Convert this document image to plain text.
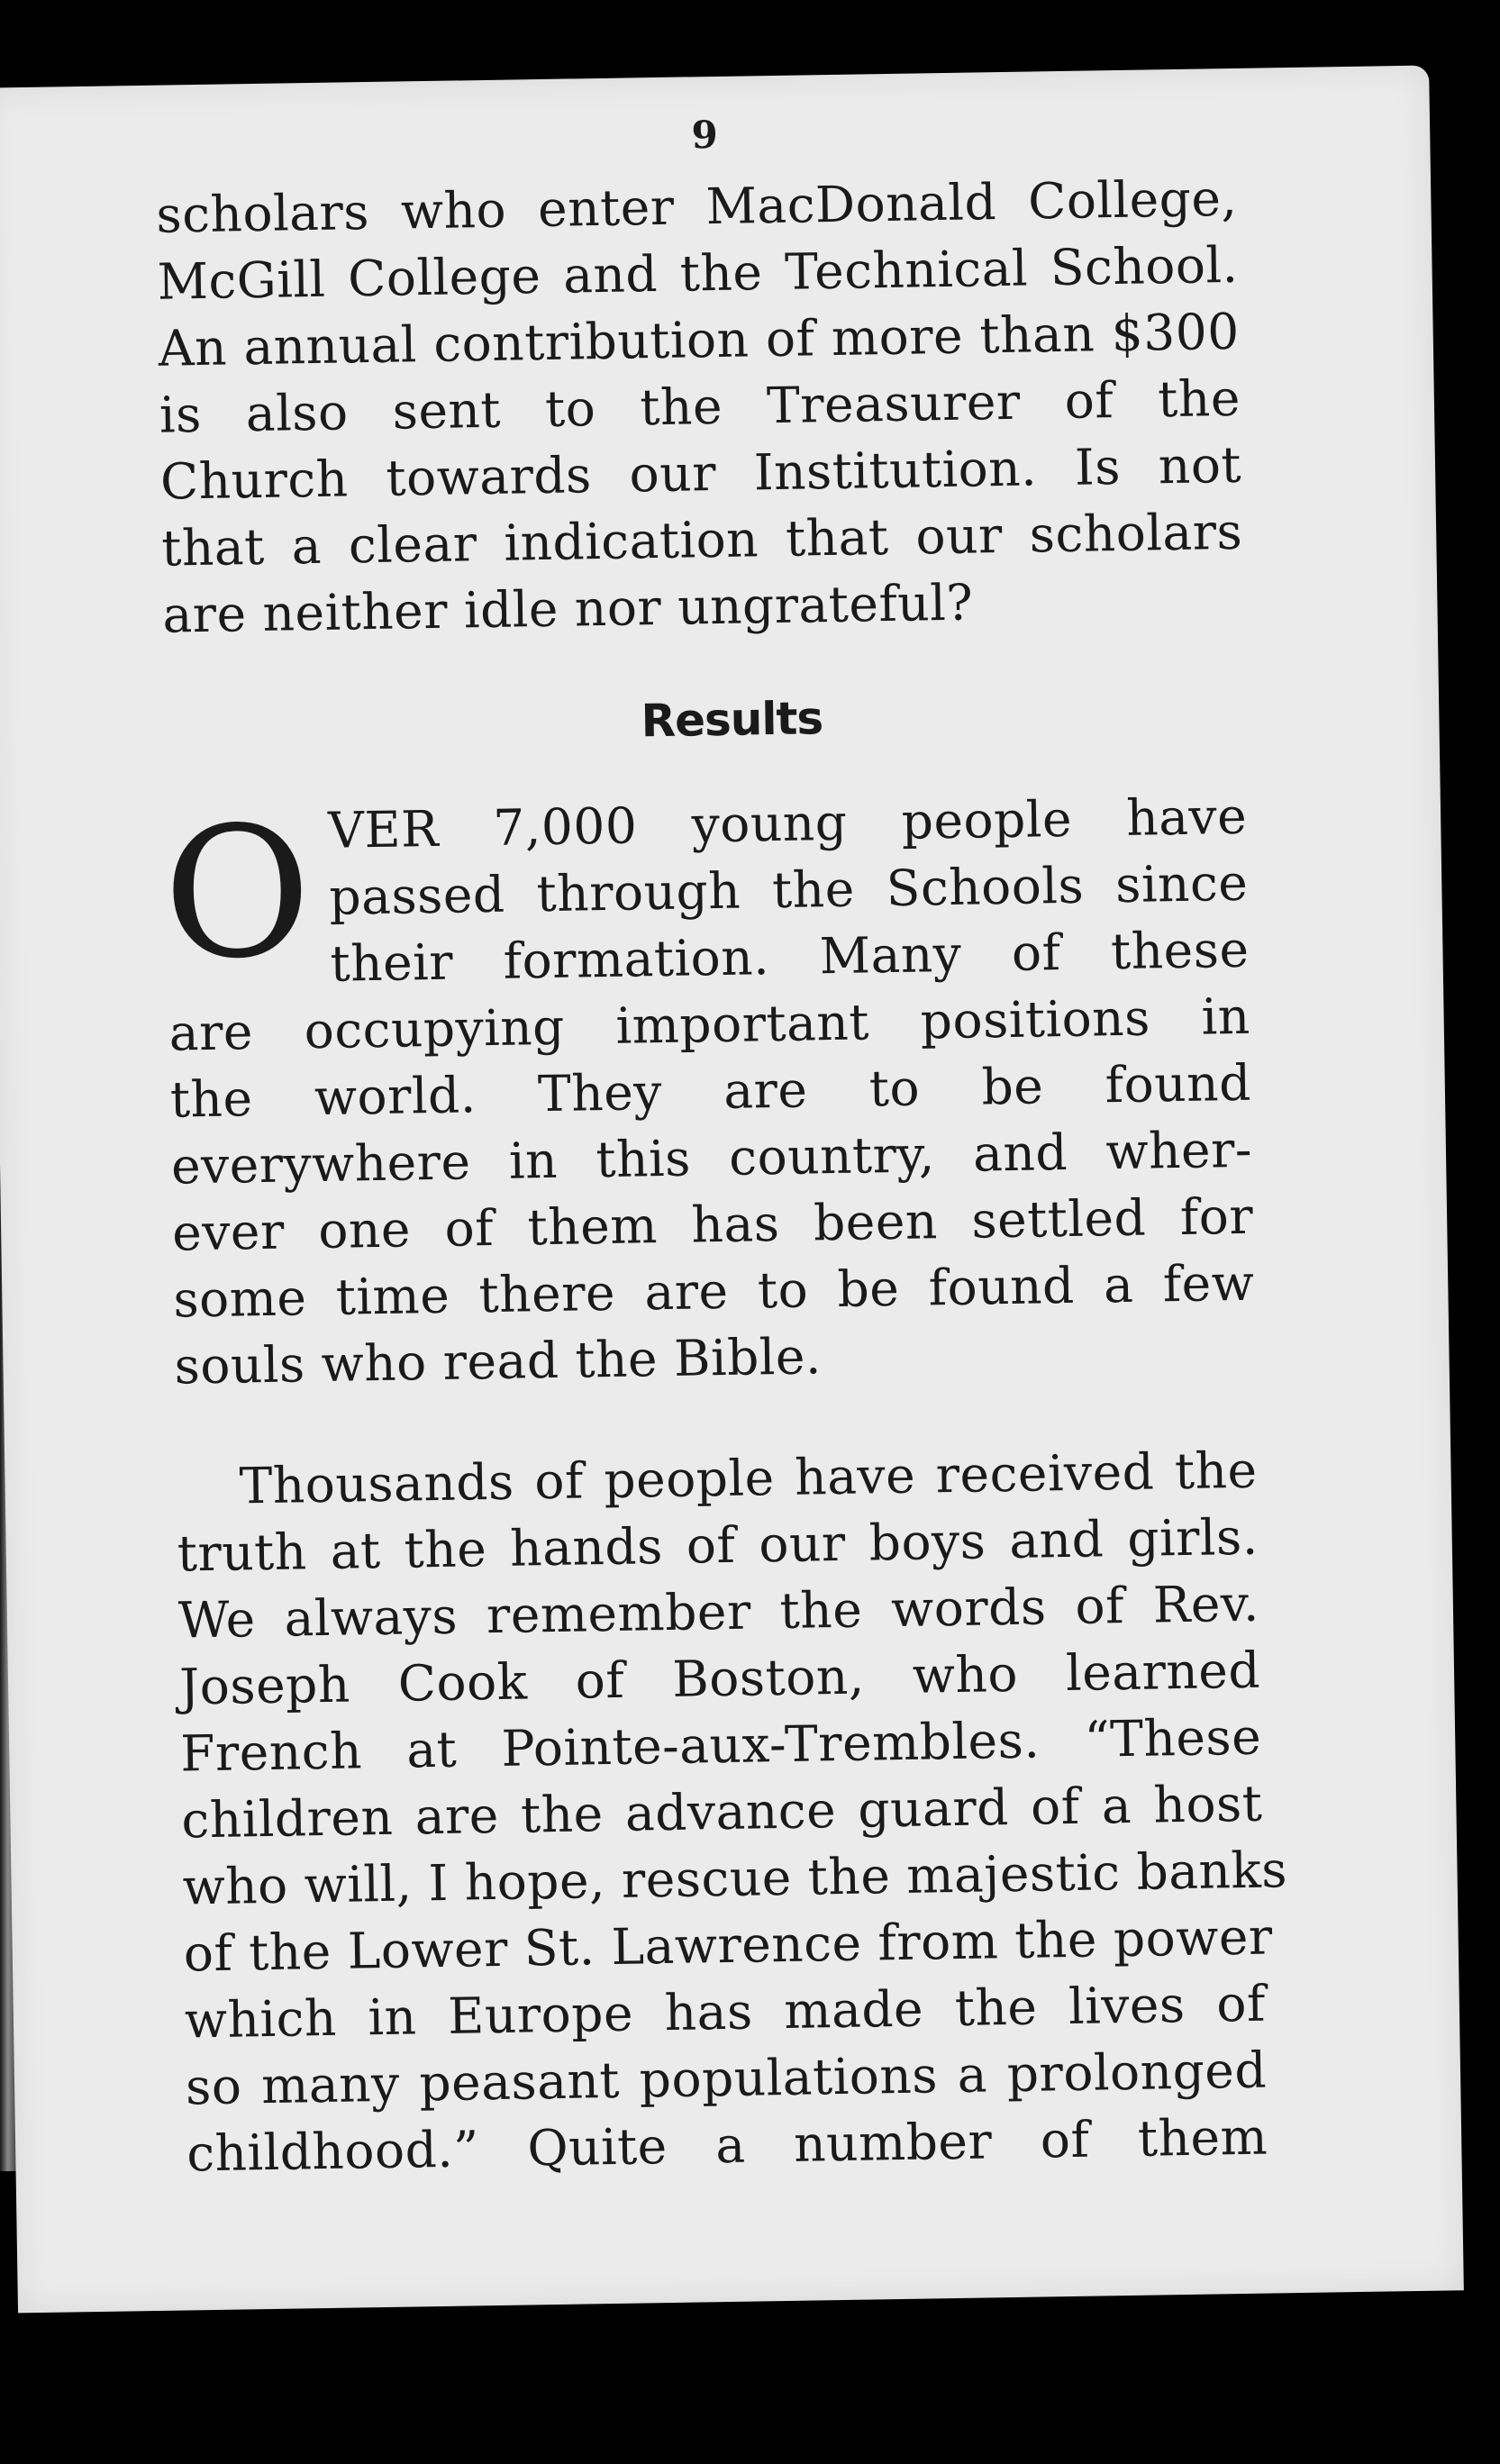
9
scholars who enter MacDonald College,
McGill College and the Technical School.
An annual contribution of more than $300
is also sent to the Treasurer of the
Church towards our Institution. Is not
that a clear indication that our scholars
are neither idle nor ungrateful?
Results
O VER 7,000 young people have
passed through the Schools since
their formation. Many of these
are occupying important positions in
the world. They are to be found
everywhere in this country, and wher-
ever one of them has been settled for
some time there are to be found a few
souls who read the Bible.
Thousands of people have received the
truth at the hands of our boys and girls.
We always remember the words of Rev.
Joseph Cook of Boston, who learned
French at Pointe-aux-Trembles. “These
children are the advance guard of a host
who will, I hope, rescue the majestic banks
of the Lower St. Lawrence from the power
which in Europe has made the lives of
so many peasant populations a prolonged
childhood.” Quite a number of them
